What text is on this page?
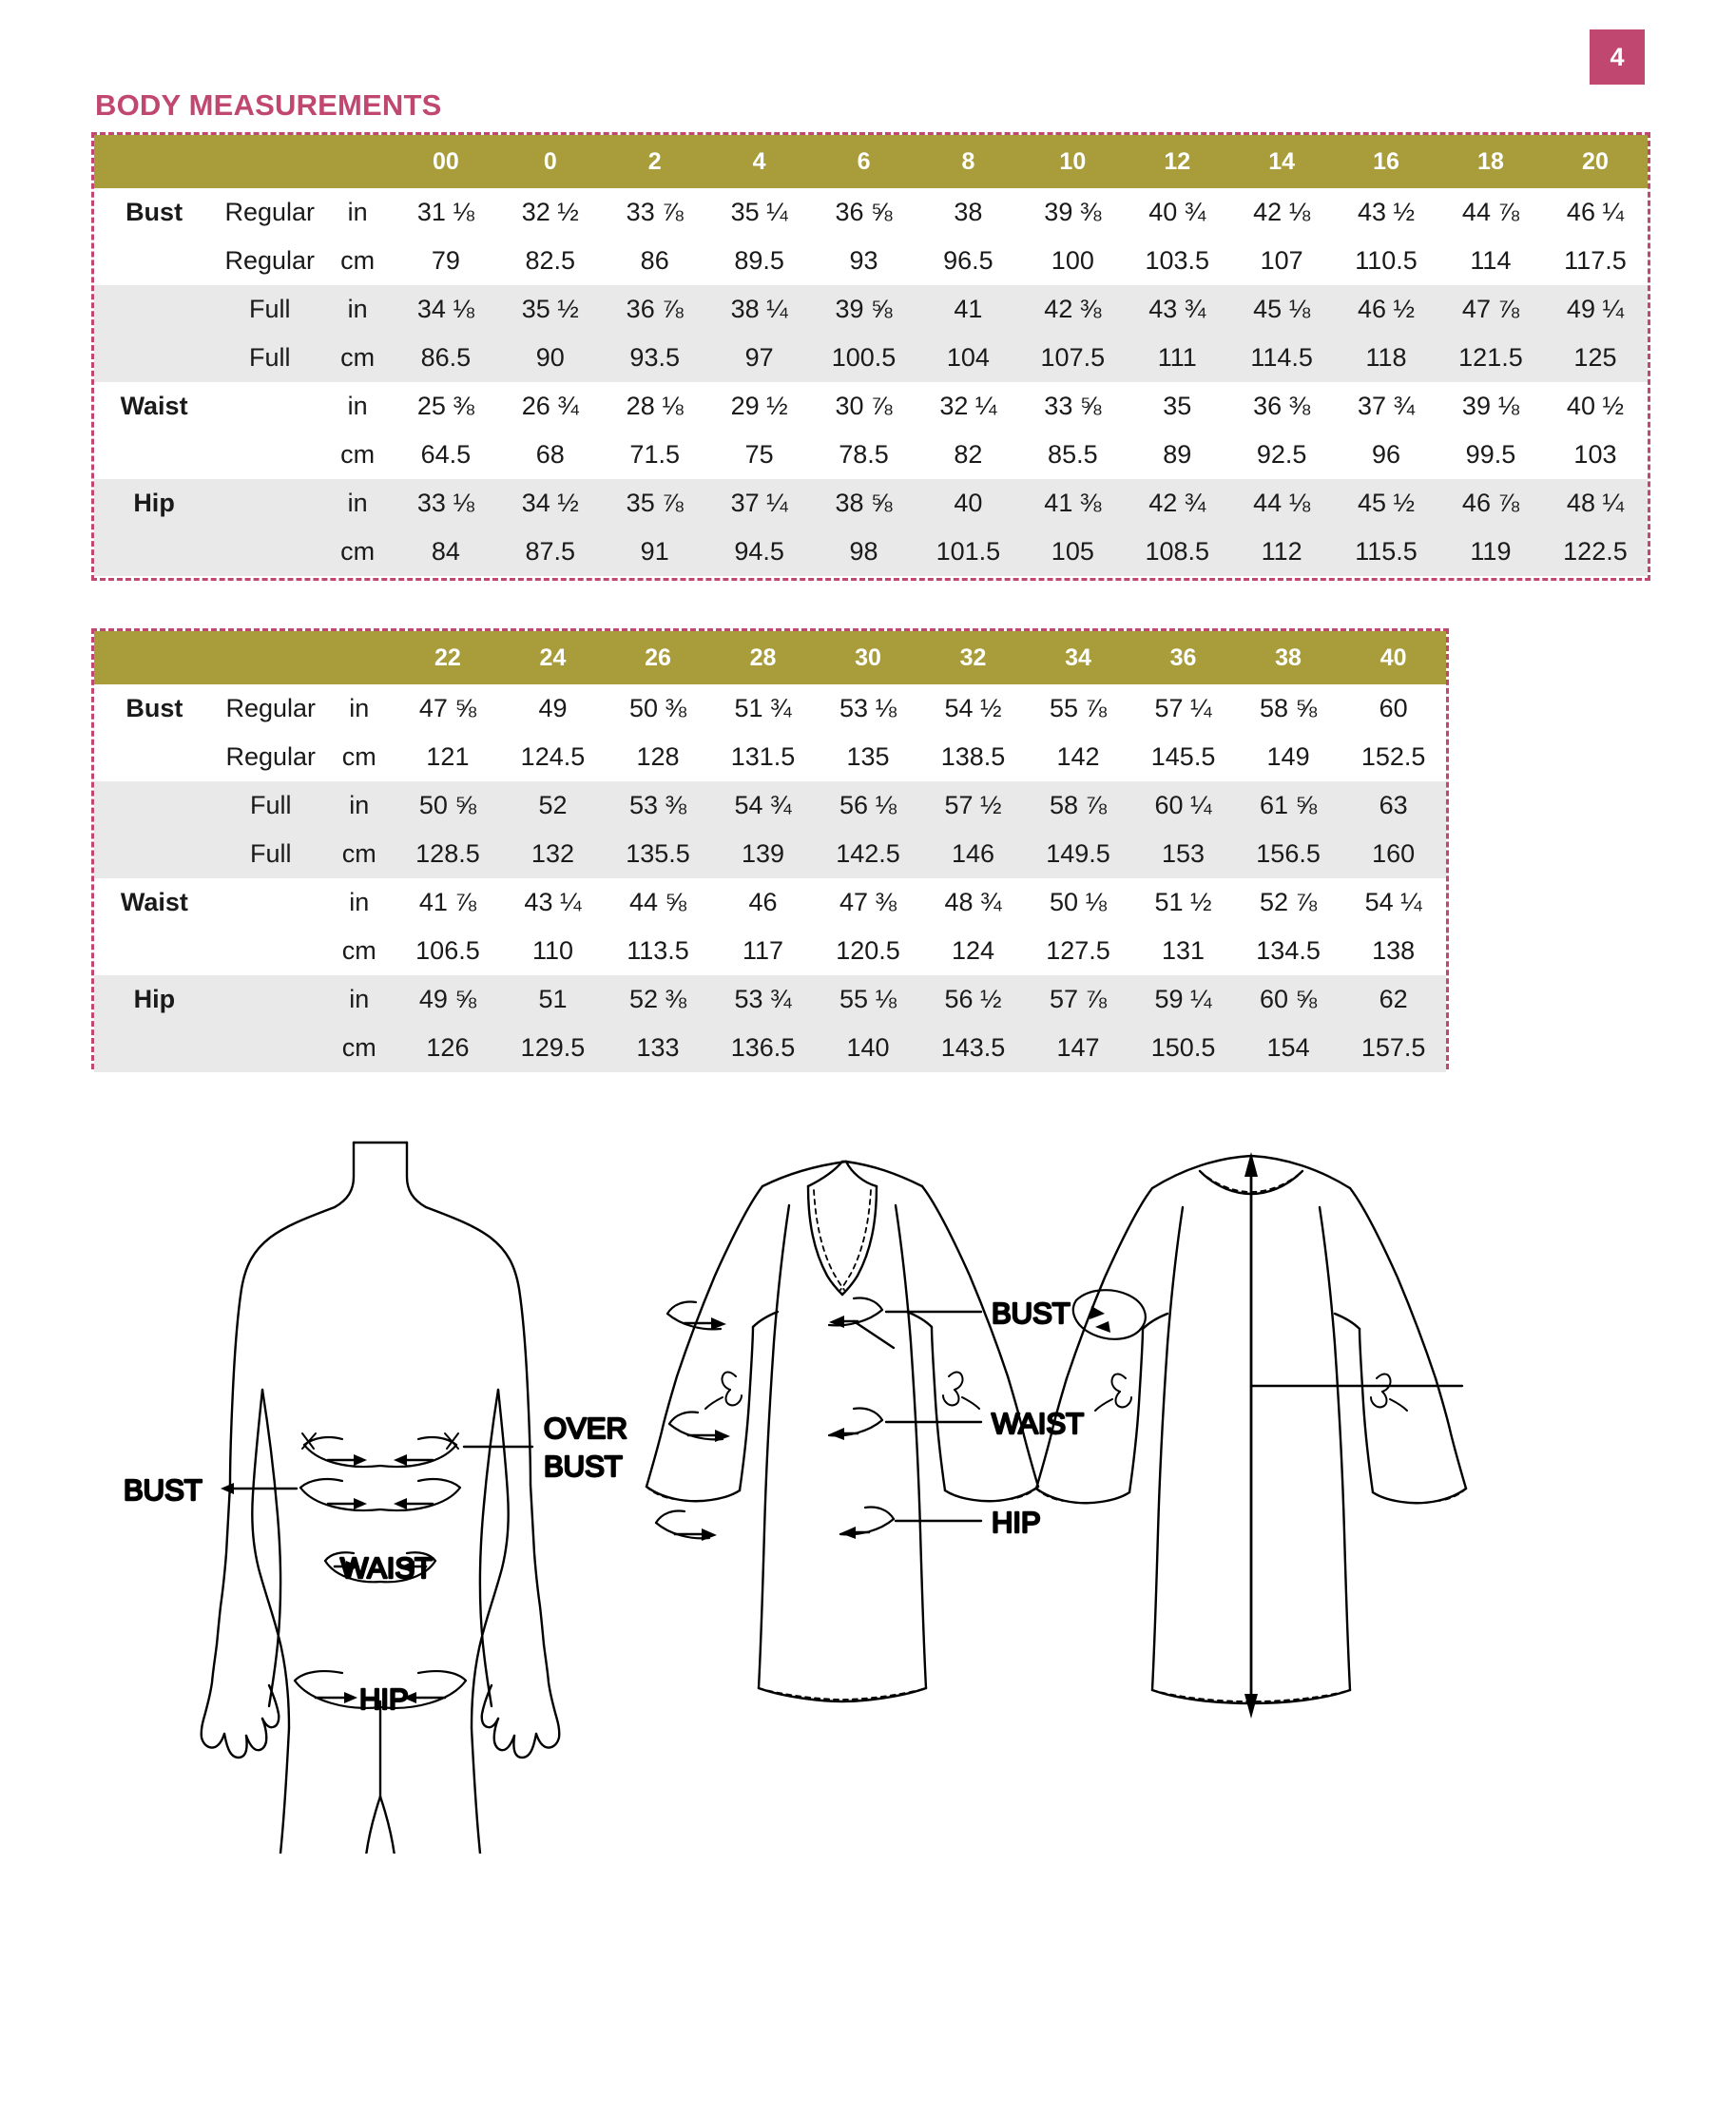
4
BODY MEASUREMENTS
			00	0	2	4	6	8	10	12	14	16	18	20
Bust	Regular	in	31 ⅛	32 ½	33 ⅞	35 ¼	36 ⅝	38	39 ⅜	40 ¾	42 ⅛	43 ½	44 ⅞	46 ¼
	Regular	cm	79	82.5	86	89.5	93	96.5	100	103.5	107	110.5	114	117.5
	Full	in	34 ⅛	35 ½	36 ⅞	38 ¼	39 ⅝	41	42 ⅜	43 ¾	45 ⅛	46 ½	47 ⅞	49 ¼
	Full	cm	86.5	90	93.5	97	100.5	104	107.5	111	114.5	118	121.5	125
Waist		in	25 ⅜	26 ¾	28 ⅛	29 ½	30 ⅞	32 ¼	33 ⅝	35	36 ⅜	37 ¾	39 ⅛	40 ½
		cm	64.5	68	71.5	75	78.5	82	85.5	89	92.5	96	99.5	103
Hip		in	33 ⅛	34 ½	35 ⅞	37 ¼	38 ⅝	40	41 ⅜	42 ¾	44 ⅛	45 ½	46 ⅞	48 ¼
		cm	84	87.5	91	94.5	98	101.5	105	108.5	112	115.5	119	122.5
			22	24	26	28	30	32	34	36	38	40
Bust	Regular	in	47 ⅝	49	50 ⅜	51 ¾	53 ⅛	54 ½	55 ⅞	57 ¼	58 ⅝	60
	Regular	cm	121	124.5	128	131.5	135	138.5	142	145.5	149	152.5
	Full	in	50 ⅝	52	53 ⅜	54 ¾	56 ⅛	57 ½	58 ⅞	60 ¼	61 ⅝	63
	Full	cm	128.5	132	135.5	139	142.5	146	149.5	153	156.5	160
Waist		in	41 ⅞	43 ¼	44 ⅝	46	47 ⅜	48 ¾	50 ⅛	51 ½	52 ⅞	54 ¼
		cm	106.5	110	113.5	117	120.5	124	127.5	131	134.5	138
Hip		in	49 ⅝	51	52 ⅜	53 ¾	55 ⅛	56 ½	57 ⅞	59 ¼	60 ⅝	62
		cm	126	129.5	133	136.5	140	143.5	147	150.5	154	157.5
OVER
BUST
BUST
WAIST
HIP
BUST
WAIST
HIP
